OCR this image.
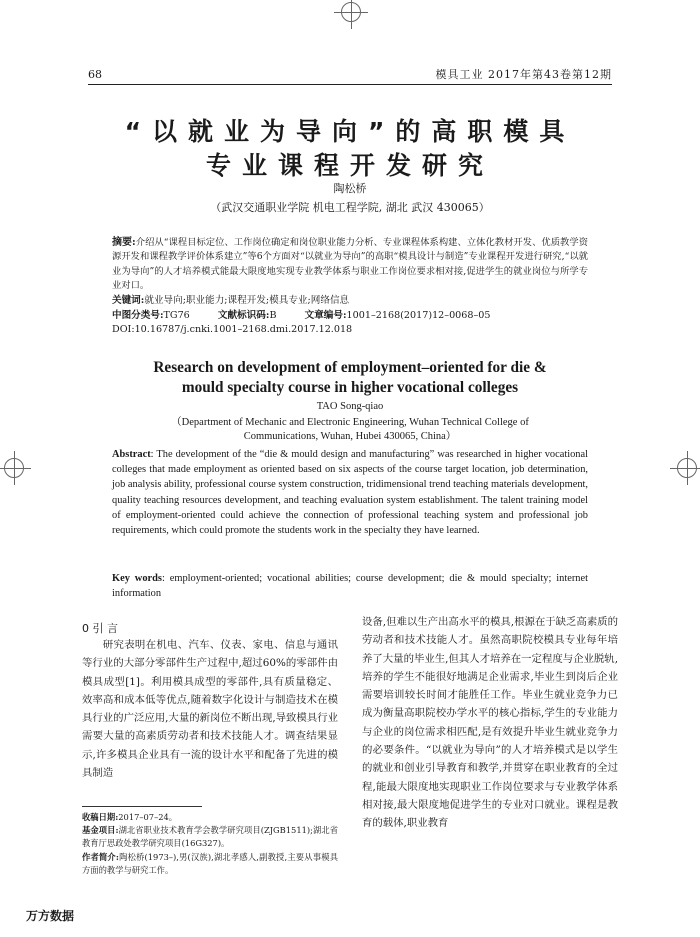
68	模具工业 2017年第43卷第12期
“以就业为导向”的高职模具
专业课程开发研究
陶松桥
（武汉交通职业学院 机电工程学院, 湖北 武汉 430065）
摘要:介绍从“课程目标定位、工作岗位确定和岗位职业能力分析、专业课程体系构建、立体化教材开发、优质教学资源开发和课程教学评价体系建立”等6个方面对“以就业为导向”的高职“模具设计与制造”专业课程开发进行研究,“以就业为导向”的人才培养模式能最大限度地实现专业教学体系与职业工作岗位要求相对接,促进学生的就业岗位与所学专业对口。
关键词:就业导向;职业能力;课程开发;模具专业;网络信息
中图分类号:TG76	文献标识码:B	文章编号:1001–2168(2017)12–0068–05
DOI:10.16787/j.cnki.1001–2168.dmi.2017.12.018
Research on development of employment–oriented for die &
mould specialty course in higher vocational colleges
TAO Song-qiao
（Department of Mechanic and Electronic Engineering, Wuhan Technical College of
Communications, Wuhan, Hubei 430065, China）
Abstract: The development of the “die & mould design and manufacturing” was researched in higher vocational colleges that made employment as oriented based on six aspects of the course target location, job determination, job analysis ability, professional course system construction, tridimensional trend teaching materials development, quality teaching resources development, and teaching evaluation system establishment. The talent training model of employment-oriented could achieve the connection of professional teaching system and professional job requirements, which could promote the students work in the specialty they have learned.
Key words: employment-oriented; vocational abilities; course development; die & mould specialty; internet information
0 引 言
研究表明在机电、汽车、仪表、家电、信息与通讯等行业的大部分零部件生产过程中,超过60%的零部件由模具成型[1]。利用模具成型的零部件,具有质量稳定、效率高和成本低等优点,随着数字化设计与制造技术在模具行业的广泛应用,大量的新岗位不断出现,导致模具行业需要大量的高素质劳动者和技术技能人才。调查结果显示,许多模具企业具有一流的设计水平和配备了先进的模具制造
收稿日期:2017–07–24。
基金项目:湖北省职业技术教育学会教学研究项目(ZJGB1511);湖北省教育厅思政处教学研究项目(16G327)。
作者简介:陶松桥(1973–),男(汉族),湖北孝感人,副教授,主要从事模具方面的教学与研究工作。
设备,但难以生产出高水平的模具,根源在于缺乏高素质的劳动者和技术技能人才。虽然高职院校模具专业每年培养了大量的毕业生,但其人才培养在一定程度与企业脱轨,培养的学生不能很好地满足企业需求,毕业生到岗后企业需要培训较长时间才能胜任工作。毕业生就业竞争力已成为衡量高职院校办学水平的核心指标,学生的专业能力与企业的岗位需求相匹配,是有效提升毕业生就业竞争力的必要条件。“以就业为导向”的人才培养模式是以学生的就业和创业引导教育和教学,并贯穿在职业教育的全过程,能最大限度地实现职业工作岗位要求与专业教学体系相对接,最大限度地促进学生的专业对口就业。课程是教育的载体,职业教育
万方数据
